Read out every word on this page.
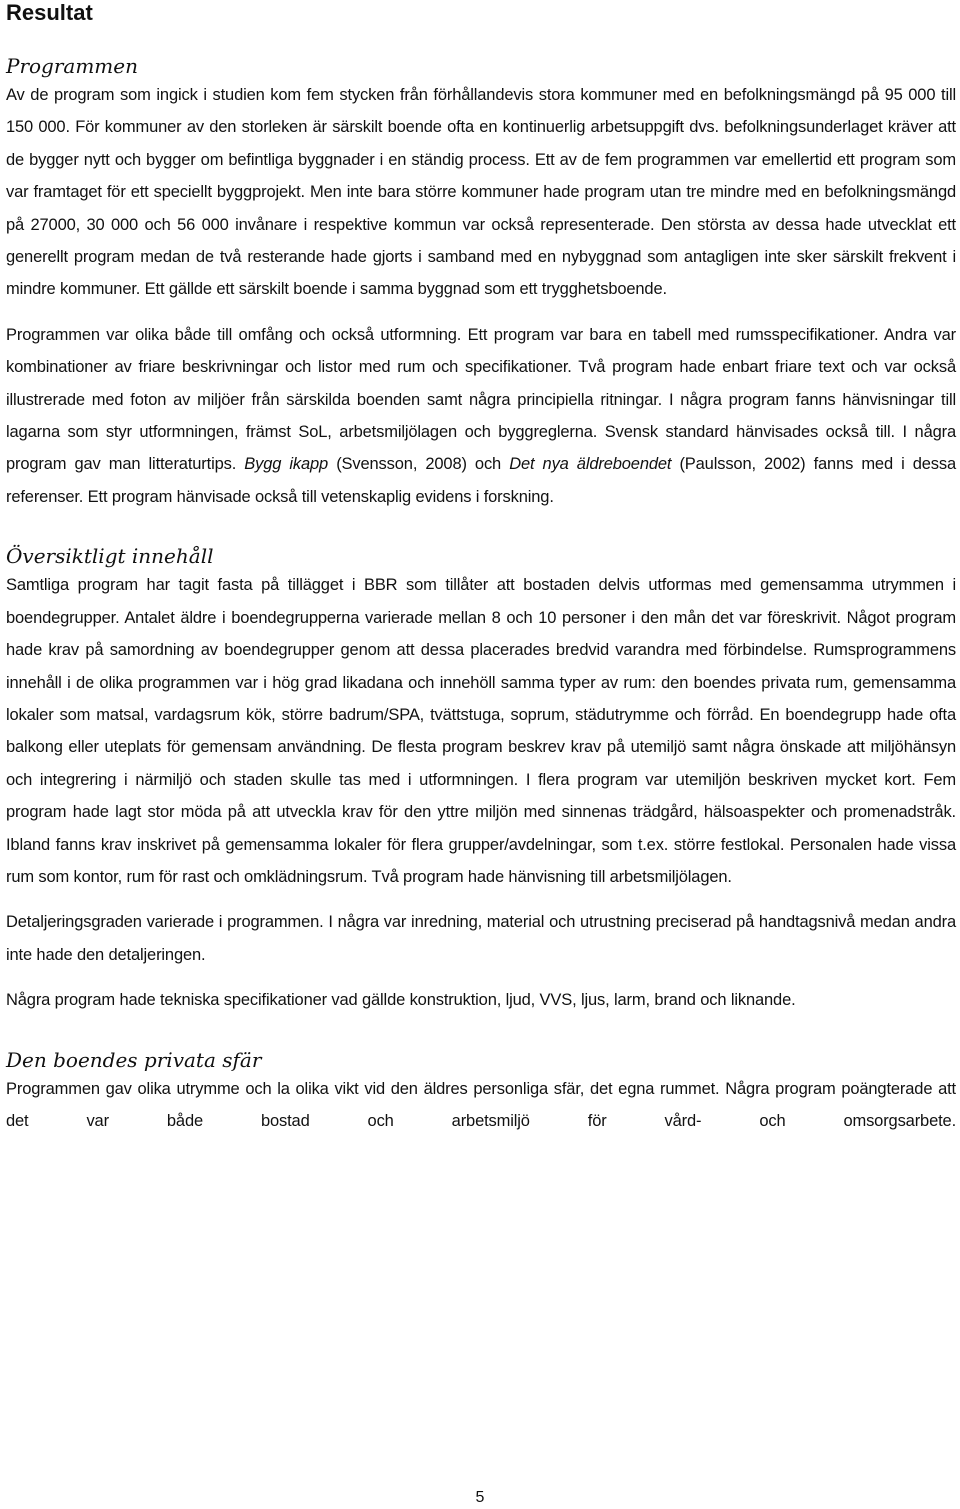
Resultat
Programmen

Av de program som ingick i studien kom fem stycken från förhållandevis stora kommuner med en befolkningsmängd på 95 000 till 150 000. För kommuner av den storleken är särskilt boende ofta en kontinuerlig arbetsuppgift dvs. befolkningsunderlaget kräver att de bygger nytt och bygger om befintliga byggnader i en ständig process. Ett av de fem programmen var emellertid ett program som var framtaget för ett speciellt byggprojekt. Men inte bara större kommuner hade program utan tre mindre med en befolkningsmängd på 27000, 30 000 och 56 000 invånare i respektive kommun var också representerade. Den största av dessa hade utvecklat ett generellt program medan de två resterande hade gjorts i samband med en nybyggnad som antagligen inte sker särskilt frekvent i mindre kommuner. Ett gällde ett särskilt boende i samma byggnad som ett trygghetsboende.

Programmen var olika både till omfång och också utformning. Ett program var bara en tabell med rumsspecifikationer. Andra var kombinationer av friare beskrivningar och listor med rum och specifikationer. Två program hade enbart friare text och var också illustrerade med foton av miljöer från särskilda boenden samt några principiella ritningar. I några program fanns hänvisningar till lagarna som styr utformningen, främst SoL, arbetsmiljölagen och byggreglerna. Svensk standard hänvisades också till. I några program gav man litteraturtips. Bygg ikapp (Svensson, 2008) och Det nya äldreboendet (Paulsson, 2002) fanns med i dessa referenser. Ett program hänvisade också till vetenskaplig evidens i forskning.

Översiktligt innehåll

Samtliga program har tagit fasta på tillägget i BBR som tillåter att bostaden delvis utformas med gemensamma utrymmen i boendegrupper. Antalet äldre i boendegrupperna varierade mellan 8 och 10 personer i den mån det var föreskrivit. Något program hade krav på samordning av boendegrupper genom att dessa placerades bredvid varandra med förbindelse. Rumsprogrammens innehåll i de olika programmen var i hög grad likadana och innehöll samma typer av rum: den boendes privata rum, gemensamma lokaler som matsal, vardagsrum kök, större badrum/SPA, tvättstuga, soprum, städutrymme och förråd. En boendegrupp hade ofta balkong eller uteplats för gemensam användning. De flesta program beskrev krav på utemiljö samt några önskade att miljöhänsyn och integrering i närmiljö och staden skulle tas med i utformningen. I flera program var utemiljön beskriven mycket kort. Fem program hade lagt stor möda på att utveckla krav för den yttre miljön med sinnenas trädgård, hälsoaspekter och promenadstråk. Ibland fanns krav inskrivet på gemensamma lokaler för flera grupper/avdelningar, som t.ex. större festlokal. Personalen hade vissa rum som kontor, rum för rast och omklädningsrum. Två program hade hänvisning till arbetsmiljölagen.

Detaljeringsgraden varierade i programmen. I några var inredning, material och utrustning preciserad på handtagsnivå medan andra inte hade den detaljeringen.

Några program hade tekniska specifikationer vad gällde konstruktion, ljud, VVS, ljus, larm, brand och liknande.

Den boendes privata sfär

Programmen gav olika utrymme och la olika vikt vid den äldres personliga sfär, det egna rummet. Några program poängterade att det var både bostad och arbetsmiljö för vård- och omsorgsarbete.

5
